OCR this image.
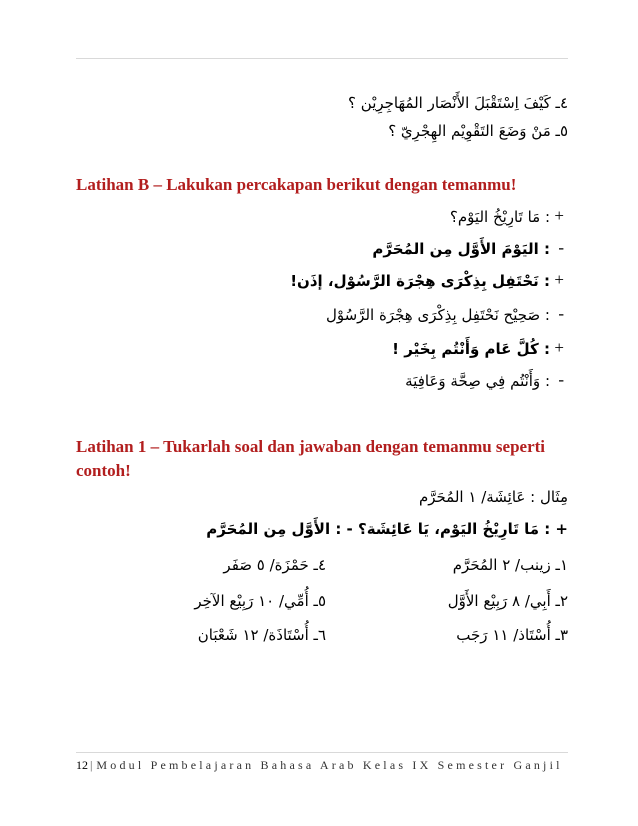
٤ـ كَيْفَ اِسْتَقْبَلَ الأَنْصَار المُهَاجِرِيْن ؟
٥ـ مَنْ وَضَعَ التَقْوِيْم الهِجْرِيّ ؟
Latihan B – Lakukan percakapan berikut dengan temanmu!
+
: مَا تَارِيْخُ اليَوْم؟
-
: اليَوْمَ الأَوَّل مِن المُحَرَّم
+
: نَحْتَفِل بِذِكْرَى هِجْرَة الرَّسُوْل، إذَن!
-
: صَحِيْح نَحْتَفِل بِذِكْرَى هِجْرَة الرَّسُوْل
+
: كُلَّ عَام وَأَنْتُم بِخَيْر !
-
: وَأَنْتُم فِي صِحَّة وَعَافِيَة
Latihan 1 – Tukarlah soal dan jawaban dengan temanmu seperti contoh!
مِثَال : عَائِشَة/ ١ المُحَرَّم
+ : مَا تَارِيْخُ اليَوْم، يَا عَائِشَة؟ - : الأَوَّل مِن المُحَرَّم
١ـ زينب/ ٢ المُحَرَّم
٢ـ أَبِي/ ٨ رَبِيْع الأَوَّل
٣ـ أُسْتَاذ/ ١١ رَجَب
٤ـ حَمْزَة/ ٥ صَفَر
٥ـ أُمِّي/ ١٠ رَبِيْع الآخِر
٦ـ أُسْتَاذَة/ ١٢ شَعْبَان
12 | Modul Pembelajaran Bahasa Arab Kelas IX Semester Ganjil
